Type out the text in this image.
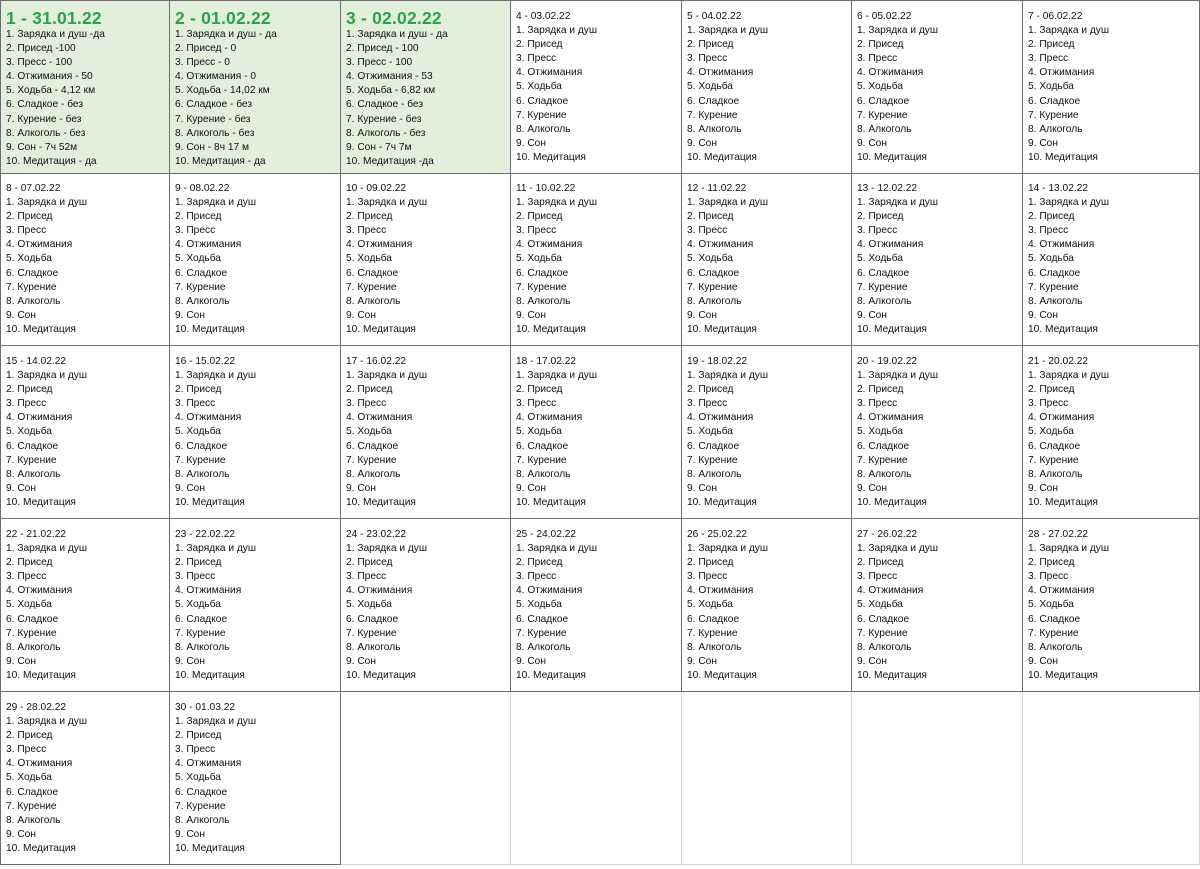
1 - 31.01.22
1. Зарядка и душ -да
2. Присед -100
3. Пресс - 100
4. Отжимания - 50
5. Ходьба - 4,12 км
6. Сладкое - без
7. Курение - без
8. Алкоголь - без
9. Сон - 7ч 52м
10. Медитация - да
2 - 01.02.22
1. Зарядка и душ - да
2. Присед - 0
3. Пресс - 0
4. Отжимания - 0
5. Ходьба - 14,02 км
6. Сладкое - без
7. Курение - без
8. Алкоголь - без
9. Сон - 8ч 17 м
10. Медитация - да
3 - 02.02.22
1. Зарядка и душ - да
2. Присед - 100
3. Пресс - 100
4. Отжимания - 53
5. Ходьба - 6,82 км
6. Сладкое - без
7. Курение - без
8. Алкоголь - без
9. Сон - 7ч 7м
10. Медитация -да
4 - 03.02.22
1. Зарядка и душ
2. Присед
3. Пресс
4. Отжимания
5. Ходьба
6. Сладкое
7. Курение
8. Алкоголь
9. Сон
10. Медитация
5 - 04.02.22
1. Зарядка и душ
2. Присед
3. Пресс
4. Отжимания
5. Ходьба
6. Сладкое
7. Курение
8. Алкоголь
9. Сон
10. Медитация
6 - 05.02.22
1. Зарядка и душ
2. Присед
3. Пресс
4. Отжимания
5. Ходьба
6. Сладкое
7. Курение
8. Алкоголь
9. Сон
10. Медитация
7 - 06.02.22
1. Зарядка и душ
2. Присед
3. Пресс
4. Отжимания
5. Ходьба
6. Сладкое
7. Курение
8. Алкоголь
9. Сон
10. Медитация
8 - 07.02.22
1. Зарядка и душ
2. Присед
3. Пресс
4. Отжимания
5. Ходьба
6. Сладкое
7. Курение
8. Алкоголь
9. Сон
10. Медитация
9 - 08.02.22
1. Зарядка и душ
2. Присед
3. Пресс
4. Отжимания
5. Ходьба
6. Сладкое
7. Курение
8. Алкоголь
9. Сон
10. Медитация
10 - 09.02.22
1. Зарядка и душ
2. Присед
3. Пресс
4. Отжимания
5. Ходьба
6. Сладкое
7. Курение
8. Алкоголь
9. Сон
10. Медитация
11 - 10.02.22
1. Зарядка и душ
2. Присед
3. Пресс
4. Отжимания
5. Ходьба
6. Сладкое
7. Курение
8. Алкоголь
9. Сон
10. Медитация
12 - 11.02.22
1. Зарядка и душ
2. Присед
3. Пресс
4. Отжимания
5. Ходьба
6. Сладкое
7. Курение
8. Алкоголь
9. Сон
10. Медитация
13 - 12.02.22
1. Зарядка и душ
2. Присед
3. Пресс
4. Отжимания
5. Ходьба
6. Сладкое
7. Курение
8. Алкоголь
9. Сон
10. Медитация
14 - 13.02.22
1. Зарядка и душ
2. Присед
3. Пресс
4. Отжимания
5. Ходьба
6. Сладкое
7. Курение
8. Алкоголь
9. Сон
10. Медитация
15 - 14.02.22
1. Зарядка и душ
2. Присед
3. Пресс
4. Отжимания
5. Ходьба
6. Сладкое
7. Курение
8. Алкоголь
9. Сон
10. Медитация
16 - 15.02.22
1. Зарядка и душ
2. Присед
3. Пресс
4. Отжимания
5. Ходьба
6. Сладкое
7. Курение
8. Алкоголь
9. Сон
10. Медитация
17 - 16.02.22
1. Зарядка и душ
2. Присед
3. Пресс
4. Отжимания
5. Ходьба
6. Сладкое
7. Курение
8. Алкоголь
9. Сон
10. Медитация
18 - 17.02.22
1. Зарядка и душ
2. Присед
3. Пресс
4. Отжимания
5. Ходьба
6. Сладкое
7. Курение
8. Алкоголь
9. Сон
10. Медитация
19 - 18.02.22
1. Зарядка и душ
2. Присед
3. Пресс
4. Отжимания
5. Ходьба
6. Сладкое
7. Курение
8. Алкоголь
9. Сон
10. Медитация
20 - 19.02.22
1. Зарядка и душ
2. Присед
3. Пресс
4. Отжимания
5. Ходьба
6. Сладкое
7. Курение
8. Алкоголь
9. Сон
10. Медитация
21 - 20.02.22
1. Зарядка и душ
2. Присед
3. Пресс
4. Отжимания
5. Ходьба
6. Сладкое
7. Курение
8. Алкоголь
9. Сон
10. Медитация
22 - 21.02.22
1. Зарядка и душ
2. Присед
3. Пресс
4. Отжимания
5. Ходьба
6. Сладкое
7. Курение
8. Алкоголь
9. Сон
10. Медитация
23 - 22.02.22
1. Зарядка и душ
2. Присед
3. Пресс
4. Отжимания
5. Ходьба
6. Сладкое
7. Курение
8. Алкоголь
9. Сон
10. Медитация
24 - 23.02.22
1. Зарядка и душ
2. Присед
3. Пресс
4. Отжимания
5. Ходьба
6. Сладкое
7. Курение
8. Алкоголь
9. Сон
10. Медитация
25 - 24.02.22
1. Зарядка и душ
2. Присед
3. Пресс
4. Отжимания
5. Ходьба
6. Сладкое
7. Курение
8. Алкоголь
9. Сон
10. Медитация
26 - 25.02.22
1. Зарядка и душ
2. Присед
3. Пресс
4. Отжимания
5. Ходьба
6. Сладкое
7. Курение
8. Алкоголь
9. Сон
10. Медитация
27 - 26.02.22
1. Зарядка и душ
2. Присед
3. Пресс
4. Отжимания
5. Ходьба
6. Сладкое
7. Курение
8. Алкоголь
9. Сон
10. Медитация
28 - 27.02.22
1. Зарядка и душ
2. Присед
3. Пресс
4. Отжимания
5. Ходьба
6. Сладкое
7. Курение
8. Алкоголь
9. Сон
10. Медитация
29 - 28.02.22
1. Зарядка и душ
2. Присед
3. Пресс
4. Отжимания
5. Ходьба
6. Сладкое
7. Курение
8. Алкоголь
9. Сон
10. Медитация
30 - 01.03.22
1. Зарядка и душ
2. Присед
3. Пресс
4. Отжимания
5. Ходьба
6. Сладкое
7. Курение
8. Алкоголь
9. Сон
10. Медитация
